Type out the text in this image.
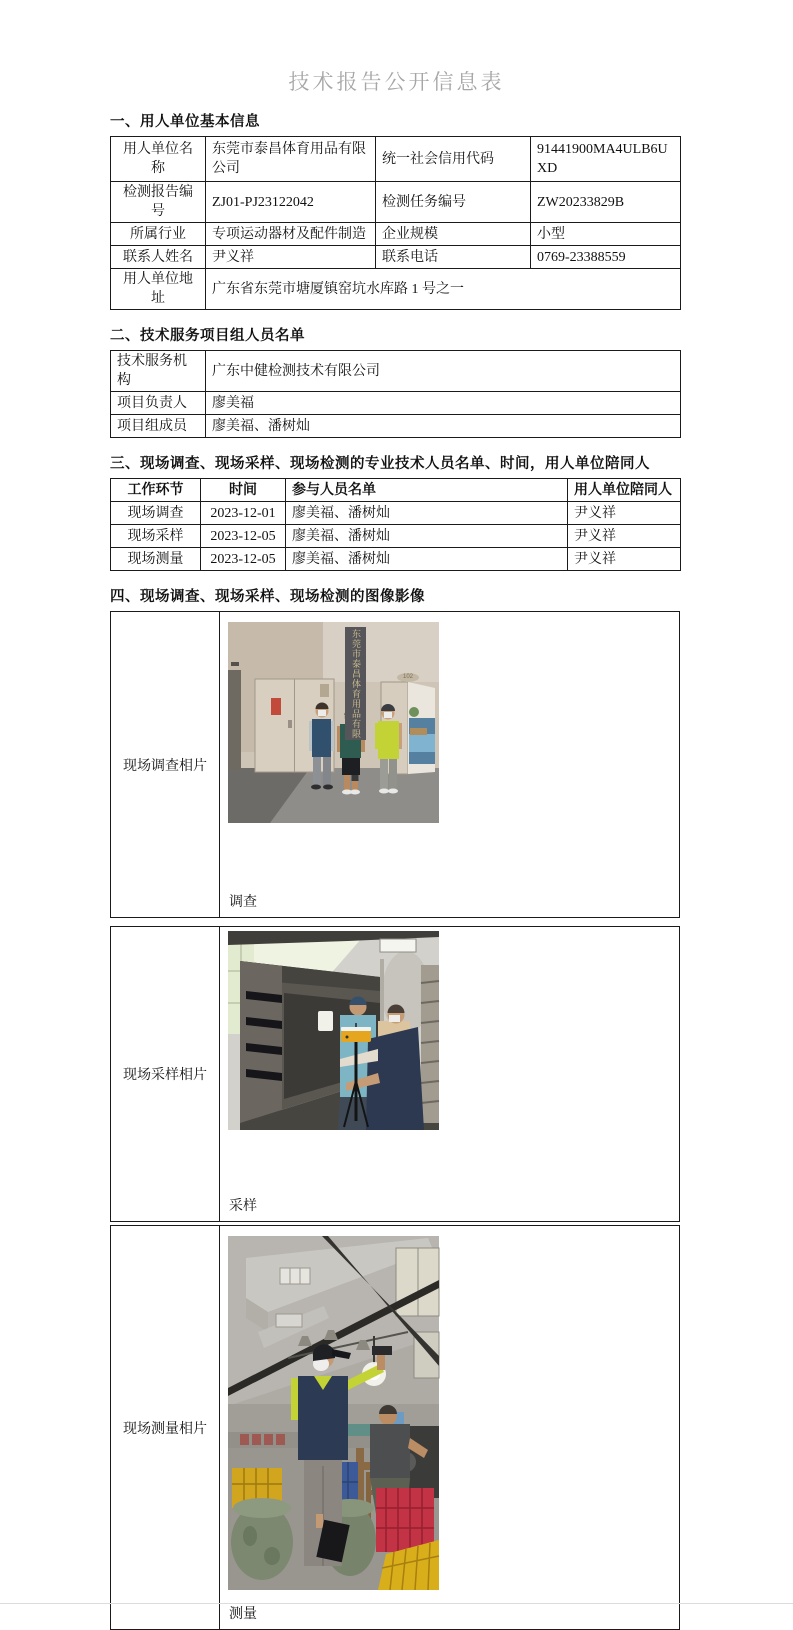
技术报告公开信息表
一、用人单位基本信息
用人单位名称	东莞市泰昌体育用品有限公司	统一社会信用代码	91441900MA4ULB6UXD
检测报告编号	ZJ01-PJ23122042	检测任务编号	ZW20233829B
所属行业	专项运动器材及配件制造	企业规模	小型
联系人姓名	尹义祥	联系电话	0769-23388559
用人单位地址	广东省东莞市塘厦镇窑坑水库路 1 号之一		
二、技术服务项目组人员名单
技术服务机构	广东中健检测技术有限公司
项目负责人	廖美福
项目组成员	廖美福、潘树灿
三、现场调查、现场采样、现场检测的专业技术人员名单、时间，用人单位陪同人
工作环节	时间	参与人员名单	用人单位陪同人
现场调查	2023-12-01	廖美福、潘树灿	尹义祥
现场采样	2023-12-05	廖美福、潘树灿	尹义祥
现场测量	2023-12-05	廖美福、潘树灿	尹义祥
四、现场调查、现场采样、现场检测的图像影像
现场调查相片
东莞市泰昌体育用品有限	102
调查
现场采样相片
采样
现场测量相片
测量
